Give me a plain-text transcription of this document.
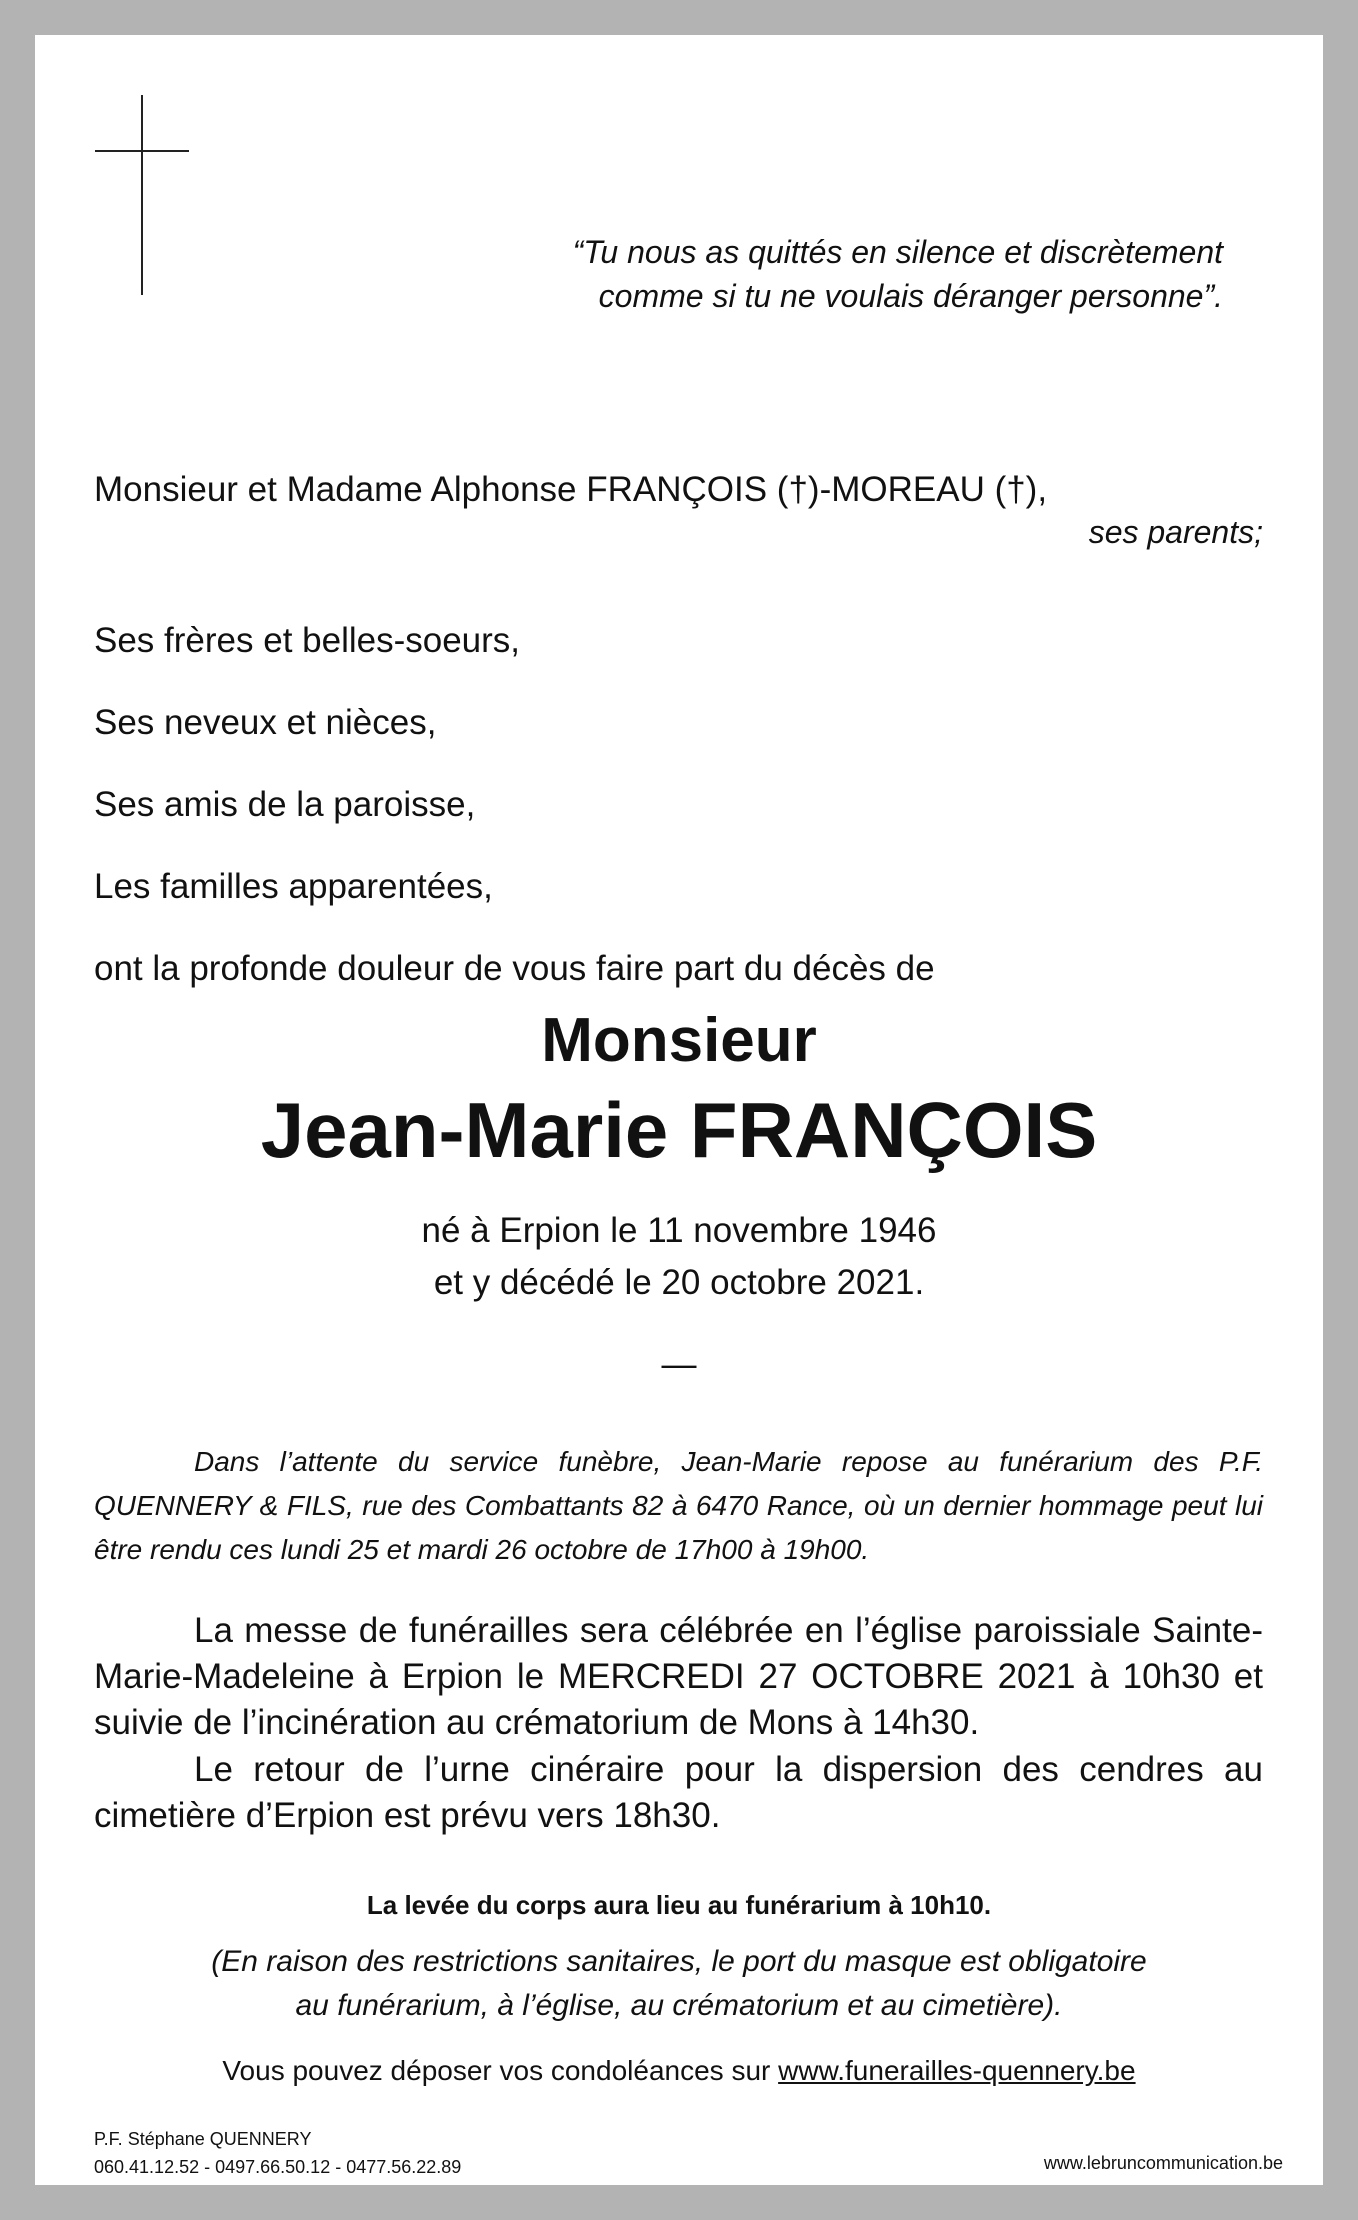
“Tu nous as quittés en silence et discrètement
comme si tu ne voulais déranger personne”.
Monsieur et Madame Alphonse FRANÇOIS (†)-MOREAU (†),
ses parents;
Ses frères et belles-soeurs,
Ses neveux et nièces,
Ses amis de la paroisse,
Les familles apparentées,
ont la profonde douleur de vous faire part du décès de
Monsieur
Jean-Marie FRANÇOIS
né à Erpion le 11 novembre 1946
et y décédé le 20 octobre 2021.
—
Dans l’attente du service funèbre, Jean-Marie repose au funérarium des P.F. QUENNERY & FILS, rue des Combattants 82 à 6470 Rance, où un dernier hommage peut lui être rendu ces lundi 25 et mardi 26 octobre de 17h00 à 19h00.
La messe de funérailles sera célébrée en l’église paroissiale Sainte-Marie-Madeleine à Erpion le MERCREDI 27 OCTOBRE 2021 à 10h30 et suivie de l’incinération au crématorium de Mons à 14h30.
Le retour de l’urne cinéraire pour la dispersion des cendres au cimetière d’Erpion est prévu vers 18h30.
La levée du corps aura lieu au funérarium à 10h10.
(En raison des restrictions sanitaires, le port du masque est obligatoire
au funérarium, à l’église, au crématorium et au cimetière).
Vous pouvez déposer vos condoléances sur www.funerailles-quennery.be
P.F. Stéphane QUENNERY
060.41.12.52 - 0497.66.50.12 - 0477.56.22.89	www.lebruncommunication.be
